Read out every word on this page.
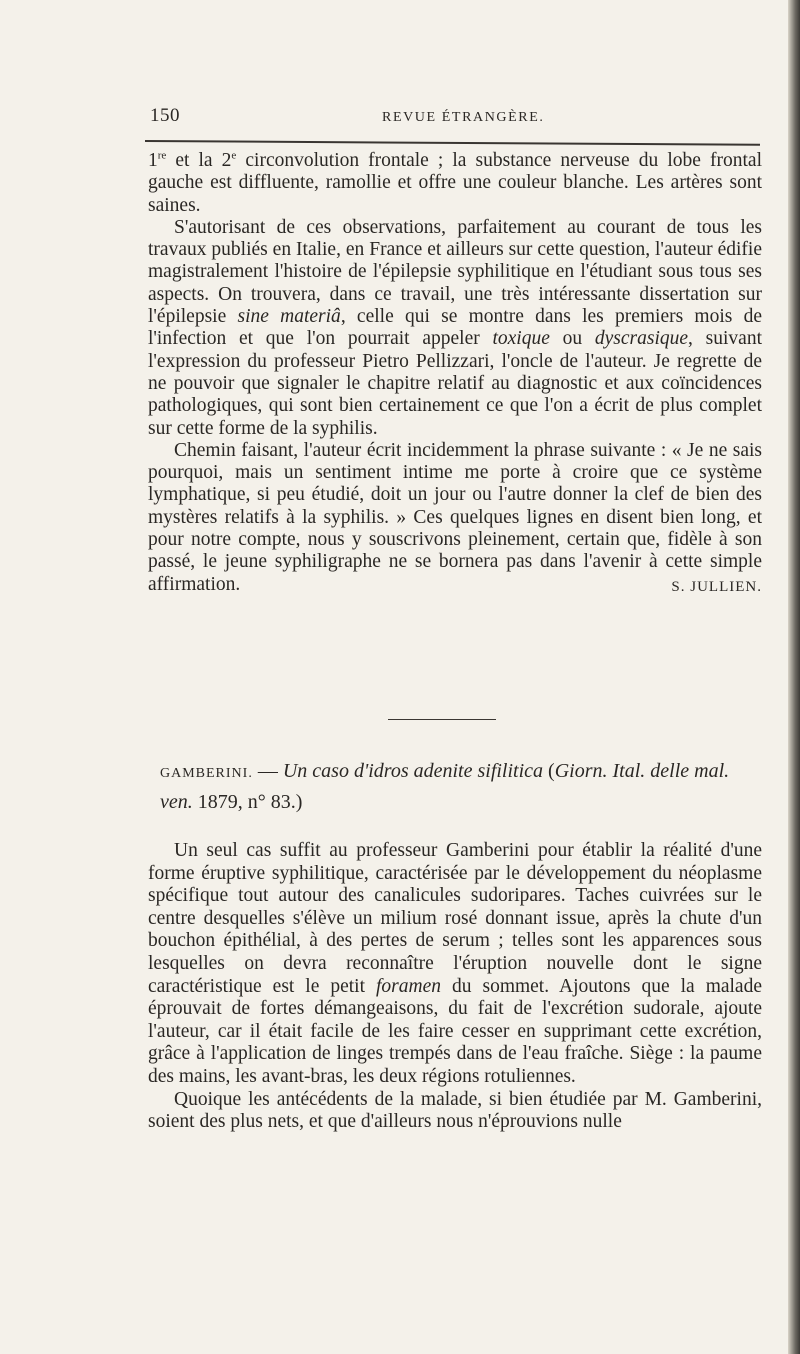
150	REVUE ÉTRANGÈRE.

1re et la 2e circonvolution frontale ; la substance nerveuse du lobe frontal gauche est diffluente, ramollie et offre une couleur blanche. Les artères sont saines.

S'autorisant de ces observations, parfaitement au courant de tous les travaux publiés en Italie, en France et ailleurs sur cette question, l'auteur édifie magistralement l'histoire de l'épilepsie syphilitique en l'étudiant sous tous ses aspects. On trouvera, dans ce travail, une très intéressante dissertation sur l'épilepsie sine materiâ, celle qui se montre dans les premiers mois de l'infection et que l'on pourrait appeler toxique ou dyscrasique, suivant l'expression du professeur Pietro Pellizzari, l'oncle de l'auteur. Je regrette de ne pouvoir que signaler le chapitre relatif au diagnostic et aux coïncidences pathologiques, qui sont bien certainement ce que l'on a écrit de plus complet sur cette forme de la syphilis.

Chemin faisant, l'auteur écrit incidemment la phrase suivante : « Je ne sais pourquoi, mais un sentiment intime me porte à croire que ce système lymphatique, si peu étudié, doit un jour ou l'autre donner la clef de bien des mystères relatifs à la syphilis. » Ces quelques lignes en disent bien long, et pour notre compte, nous y souscrivons pleinement, certain que, fidèle à son passé, le jeune syphiligraphe ne se bornera pas dans l'avenir à cette simple affirmation.	S. JULLIEN.

GAMBERINI. — Un caso d'idros adenite sifilitica (Giorn. Ital. delle mal. ven. 1879, n° 83.)

Un seul cas suffit au professeur Gamberini pour établir la réalité d'une forme éruptive syphilitique, caractérisée par le développement du néoplasme spécifique tout autour des canalicules sudoripares. Taches cuivrées sur le centre desquelles s'élève un milium rosé donnant issue, après la chute d'un bouchon épithélial, à des pertes de serum ; telles sont les apparences sous lesquelles on devra reconnaître l'éruption nouvelle dont le signe caractéristique est le petit foramen du sommet. Ajoutons que la malade éprouvait de fortes démangeaisons, du fait de l'excrétion sudorale, ajoute l'auteur, car il était facile de les faire cesser en supprimant cette excrétion, grâce à l'application de linges trempés dans de l'eau fraîche. Siège : la paume des mains, les avant-bras, les deux régions rotuliennes.

Quoique les antécédents de la malade, si bien étudiée par M. Gamberini, soient des plus nets, et que d'ailleurs nous n'éprouvions nulle
